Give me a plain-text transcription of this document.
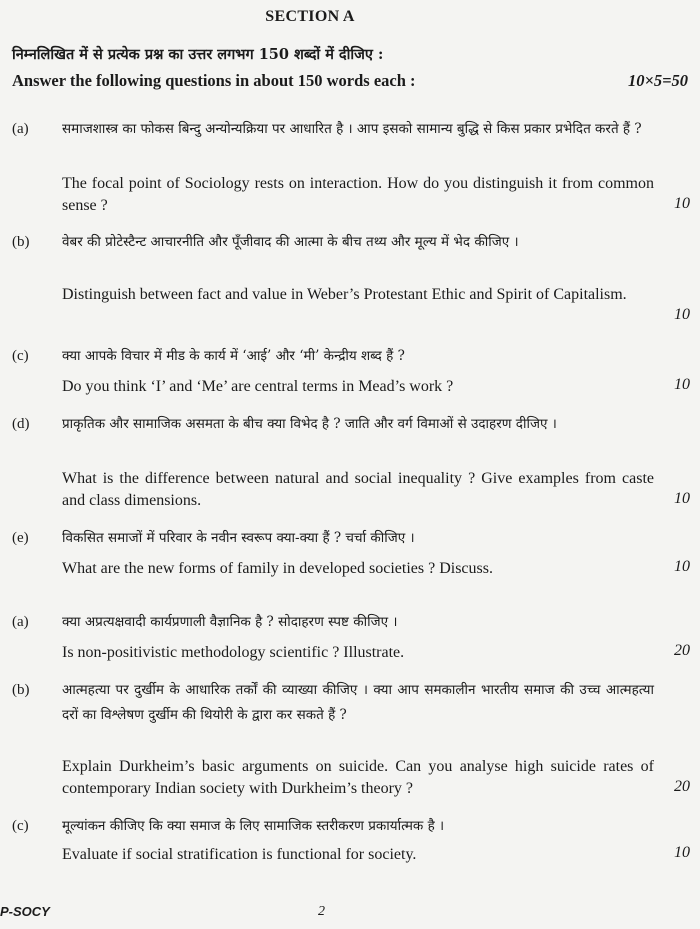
SECTION A
निम्नलिखित में से प्रत्येक प्रश्न का उत्तर लगभग 150 शब्दों में दीजिए :
Answer the following questions in about 150 words each :	10×5=50
(a) समाजशास्त्र का फोकस बिन्दु अन्योन्यक्रिया पर आधारित है । आप इसको सामान्य बुद्धि से किस प्रकार प्रभेदित करते हैं ?
The focal point of Sociology rests on interaction. How do you distinguish it from common sense ?	10
(b) वेबर की प्रोटेस्टैन्ट आचारनीति और पूँजीवाद की आत्मा के बीच तथ्य और मूल्य में भेद कीजिए ।
Distinguish between fact and value in Weber’s Protestant Ethic and Spirit of Capitalism.
10
(c) क्या आपके विचार में मीड के कार्य में ‘आई’ और ‘मी’ केन्द्रीय शब्द हैं ?
Do you think ‘I’ and ‘Me’ are central terms in Mead’s work ?	10
(d) प्राकृतिक और सामाजिक असमता के बीच क्या विभेद है ? जाति और वर्ग विमाओं से उदाहरण दीजिए ।
What is the difference between natural and social inequality ? Give examples from caste and class dimensions.	10
(e) विकसित समाजों में परिवार के नवीन स्वरूप क्या-क्या हैं ? चर्चा कीजिए ।
What are the new forms of family in developed societies ? Discuss.	10
(a) क्या अप्रत्यक्षवादी कार्यप्रणाली वैज्ञानिक है ? सोदाहरण स्पष्ट कीजिए ।
Is non-positivistic methodology scientific ? Illustrate.	20
(b) आत्महत्या पर दुर्खीम के आधारिक तर्कों की व्याख्या कीजिए । क्या आप समकालीन भारतीय समाज की उच्च आत्महत्या दरों का विश्लेषण दुर्खीम की थियोरी के द्वारा कर सकते हैं ?
Explain Durkheim’s basic arguments on suicide. Can you analyse high suicide rates of contemporary Indian society with Durkheim’s theory ?	20
(c) मूल्यांकन कीजिए कि क्या समाज के लिए सामाजिक स्तरीकरण प्रकार्यात्मक है ।
Evaluate if social stratification is functional for society.	10
P-SOCY	2
